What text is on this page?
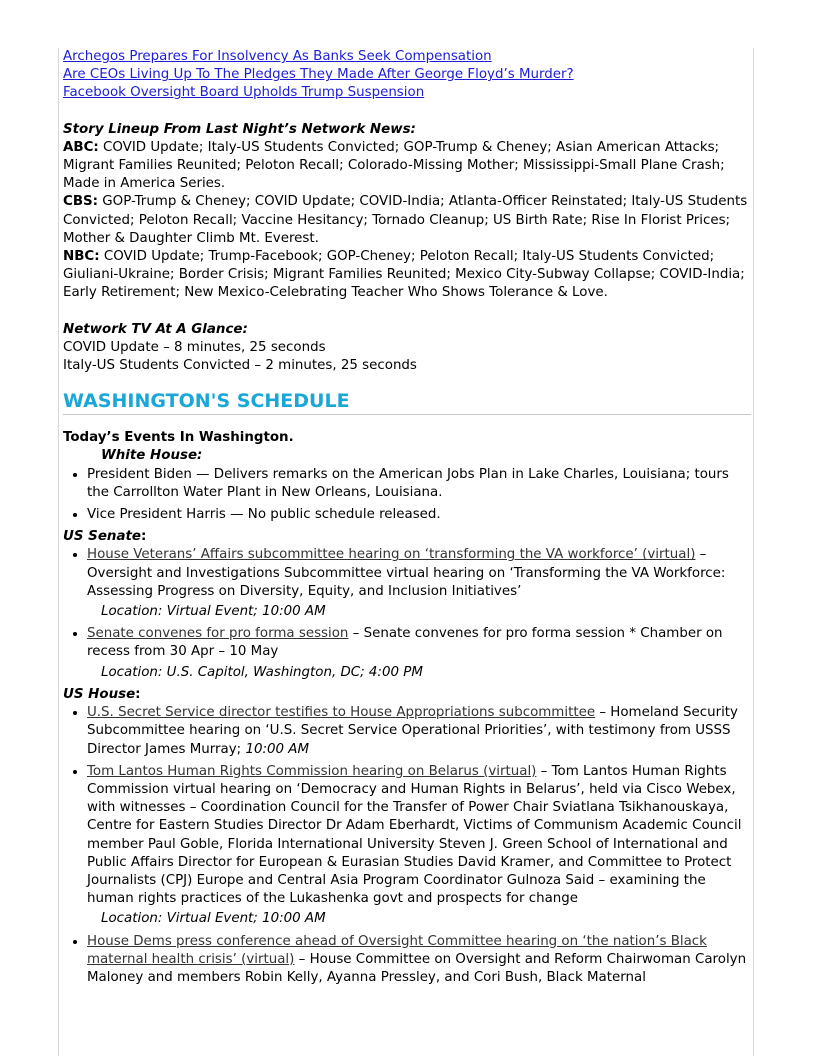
Archegos Prepares For Insolvency As Banks Seek Compensation
Are CEOs Living Up To The Pledges They Made After George Floyd’s Murder?
Facebook Oversight Board Upholds Trump Suspension
Story Lineup From Last Night’s Network News:
ABC: COVID Update; Italy-US Students Convicted; GOP-Trump & Cheney; Asian American Attacks; Migrant Families Reunited; Peloton Recall; Colorado-Missing Mother; Mississippi-Small Plane Crash; Made in America Series.
CBS: GOP-Trump & Cheney; COVID Update; COVID-India; Atlanta-Officer Reinstated; Italy-US Students Convicted; Peloton Recall; Vaccine Hesitancy; Tornado Cleanup; US Birth Rate; Rise In Florist Prices; Mother & Daughter Climb Mt. Everest.
NBC: COVID Update; Trump-Facebook; GOP-Cheney; Peloton Recall; Italy-US Students Convicted; Giuliani-Ukraine; Border Crisis; Migrant Families Reunited; Mexico City-Subway Collapse; COVID-India; Early Retirement; New Mexico-Celebrating Teacher Who Shows Tolerance & Love.
Network TV At A Glance:
COVID Update – 8 minutes, 25 seconds
Italy-US Students Convicted – 2 minutes, 25 seconds
WASHINGTON'S SCHEDULE
Today’s Events In Washington.
White House:
• President Biden — Delivers remarks on the American Jobs Plan in Lake Charles, Louisiana; tours the Carrollton Water Plant in New Orleans, Louisiana.
• Vice President Harris — No public schedule released.
US Senate:
• House Veterans’ Affairs subcommittee hearing on ‘transforming the VA workforce’ (virtual) – Oversight and Investigations Subcommittee virtual hearing on ‘Transforming the VA Workforce: Assessing Progress on Diversity, Equity, and Inclusion Initiatives’
Location: Virtual Event; 10:00 AM
• Senate convenes for pro forma session – Senate convenes for pro forma session * Chamber on recess from 30 Apr – 10 May
Location: U.S. Capitol, Washington, DC; 4:00 PM
US House:
• U.S. Secret Service director testifies to House Appropriations subcommittee – Homeland Security Subcommittee hearing on ‘U.S. Secret Service Operational Priorities’, with testimony from USSS Director James Murray; 10:00 AM
• Tom Lantos Human Rights Commission hearing on Belarus (virtual) – Tom Lantos Human Rights Commission virtual hearing on ‘Democracy and Human Rights in Belarus’, held via Cisco Webex, with witnesses – Coordination Council for the Transfer of Power Chair Sviatlana Tsikhanouskaya, Centre for Eastern Studies Director Dr Adam Eberhardt, Victims of Communism Academic Council member Paul Goble, Florida International University Steven J. Green School of International and Public Affairs Director for European & Eurasian Studies David Kramer, and Committee to Protect Journalists (CPJ) Europe and Central Asia Program Coordinator Gulnoza Said – examining the human rights practices of the Lukashenka govt and prospects for change
Location: Virtual Event; 10:00 AM
• House Dems press conference ahead of Oversight Committee hearing on ‘the nation’s Black maternal health crisis’ (virtual) – House Committee on Oversight and Reform Chairwoman Carolyn Maloney and members Robin Kelly, Ayanna Pressley, and Cori Bush, Black Maternal
